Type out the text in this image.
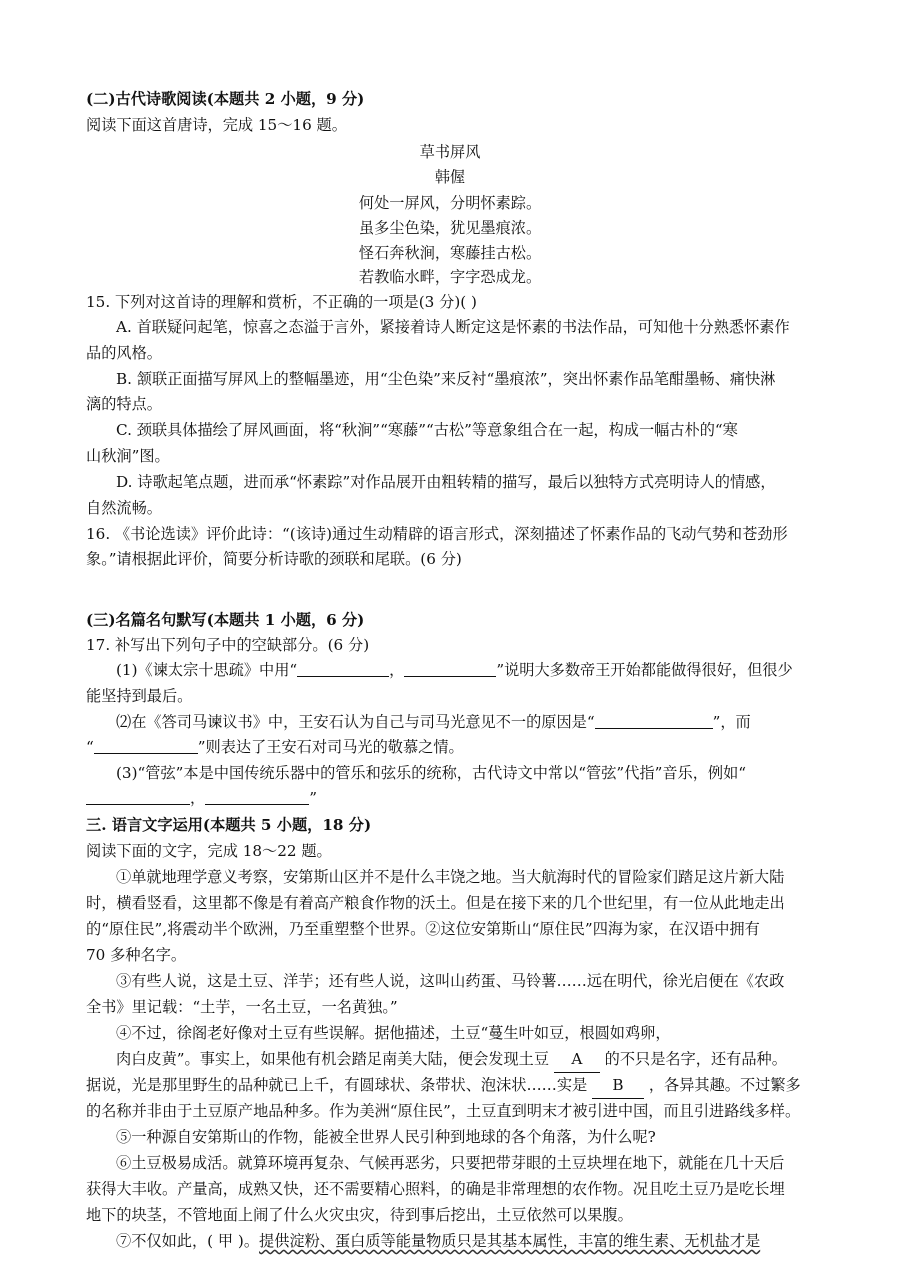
(二)古代诗歌阅读(本题共 2 小题，9 分)
阅读下面这首唐诗，完成 15～16 题。
草书屏风
韩偓
何处一屏风，分明怀素踪。
虽多尘色染，犹见墨痕浓。
怪石奔秋涧，寒藤挂古松。
若教临水畔，字字恐成龙。
15. 下列对这首诗的理解和赏析，不正确的一项是(3 分)( )
A. 首联疑问起笔，惊喜之态溢于言外，紧接着诗人断定这是怀素的书法作品，可知他十分熟悉怀素作
品的风格。
B. 颔联正面描写屏风上的整幅墨迹，用“尘色染”来反衬“墨痕浓”，突出怀素作品笔酣墨畅、痛快淋
漓的特点。
C. 颈联具体描绘了屏风画面，将“秋涧”“寒藤”“古松”等意象组合在一起，构成一幅古朴的“寒
山秋涧”图。
D. 诗歌起笔点题，进而承“怀素踪”对作品展开由粗转精的描写，最后以独特方式亮明诗人的情感，
自然流畅。
16. 《书论选读》评价此诗：“(该诗)通过生动精辟的语言形式，深刻描述了怀素作品的飞动气势和苍劲形
象。”请根据此评价，简要分析诗歌的颈联和尾联。(6 分)
(三)名篇名句默写(本题共 1 小题，6 分)
17. 补写出下列句子中的空缺部分。(6 分)
(1)《谏太宗十思疏》中用“	，	”说明大多数帝王开始都能做得很好，但很少
能坚持到最后。
⑵在《答司马谏议书》中，王安石认为自己与司马光意见不一的原因是“	”，而
“	”则表达了王安石对司马光的敬慕之情。
(3)“管弦”本是中国传统乐器中的管乐和弦乐的统称，古代诗文中常以“管弦”代指”音乐，例如“
，	”
三. 语言文字运用(本题共 5 小题，18 分)
阅读下面的文字，完成 18～22 题。
①单就地理学意义考察，安第斯山区并不是什么丰饶之地。当大航海时代的冒险家们踏足这片新大陆
时，横看竖看，这里都不像是有着高产粮食作物的沃土。但是在接下来的几个世纪里，有一位从此地走出
的“原住民”,将震动半个欧洲，乃至重塑整个世界。②这位安第斯山“原住民”四海为家，在汉语中拥有
70 多种名字。
③有些人说，这是土豆、洋芋；还有些人说，这叫山药蛋、马铃薯……远在明代，徐光启便在《农政
全书》里记载：“土芋，一名土豆，一名黄独。”
④不过，徐阁老好像对土豆有些误解。据他描述，土豆“蔓生叶如豆，根圆如鸡卵，
肉白皮黄”。事实上，如果他有机会踏足南美大陆，便会发现土豆 A 的不只是名字，还有品种。
据说，光是那里野生的品种就已上千，有圆球状、条带状、泡沫状……实是 B ，各异其趣。不过繁多
的名称并非由于土豆原产地品种多。作为美洲“原住民”，土豆直到明末才被引进中国，而且引进路线多样。
⑤一种源自安第斯山的作物，能被全世界人民引种到地球的各个角落，为什么呢?
⑥土豆极易成活。就算环境再复杂、气候再恶劣，只要把带芽眼的土豆块埋在地下，就能在几十天后
获得大丰收。产量高，成熟又快，还不需要精心照料，的确是非常理想的农作物。况且吃土豆乃是吃长埋
地下的块茎，不管地面上闹了什么火灾虫灾，待到事后挖出，土豆依然可以果腹。
⑦不仅如此，( 甲 )。提供淀粉、蛋白质等能量物质只是其基本属性，丰富的维生素、无机盐才是
